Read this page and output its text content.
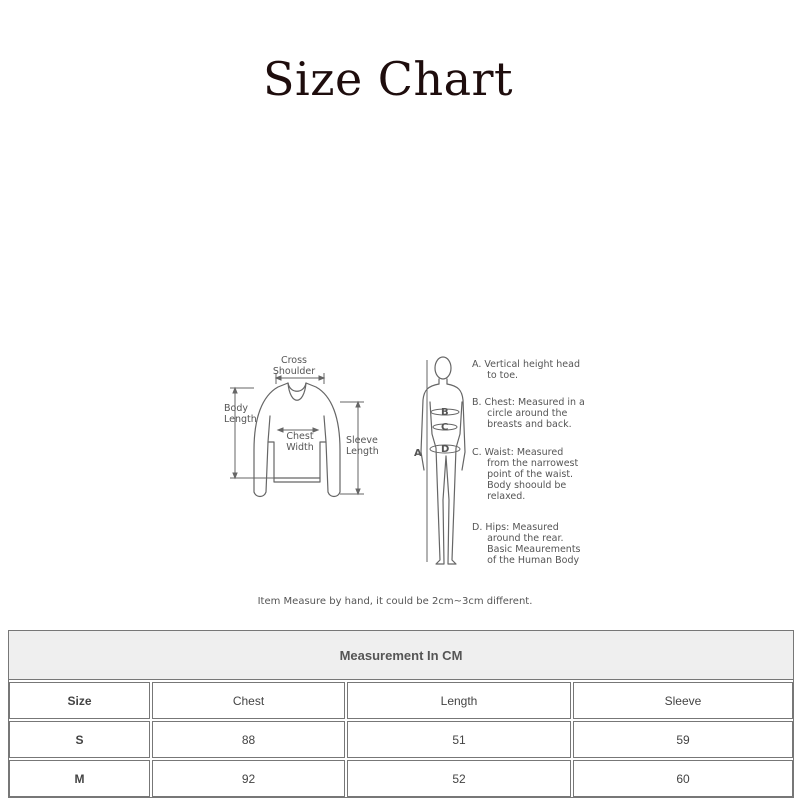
Size Chart
Cross
Shoulder
Body
Length
Chest
Width
Sleeve
Length	A
B
C
D
A. Vertical height head
to toe.
B. Chest: Measured in a
circle around the
breasts and back.
C. Waist: Measured
from the narrowest
point of the waist.
Body shoould be
relaxed.
D. Hips: Measured
around the rear.
Basic Meaurements
of the Human Body
Item Measure by hand, it could be 2cm~3cm different.
Measurement In CM
Size	Chest	Length	Sleeve
S	88	51	59
M	92	52	60
